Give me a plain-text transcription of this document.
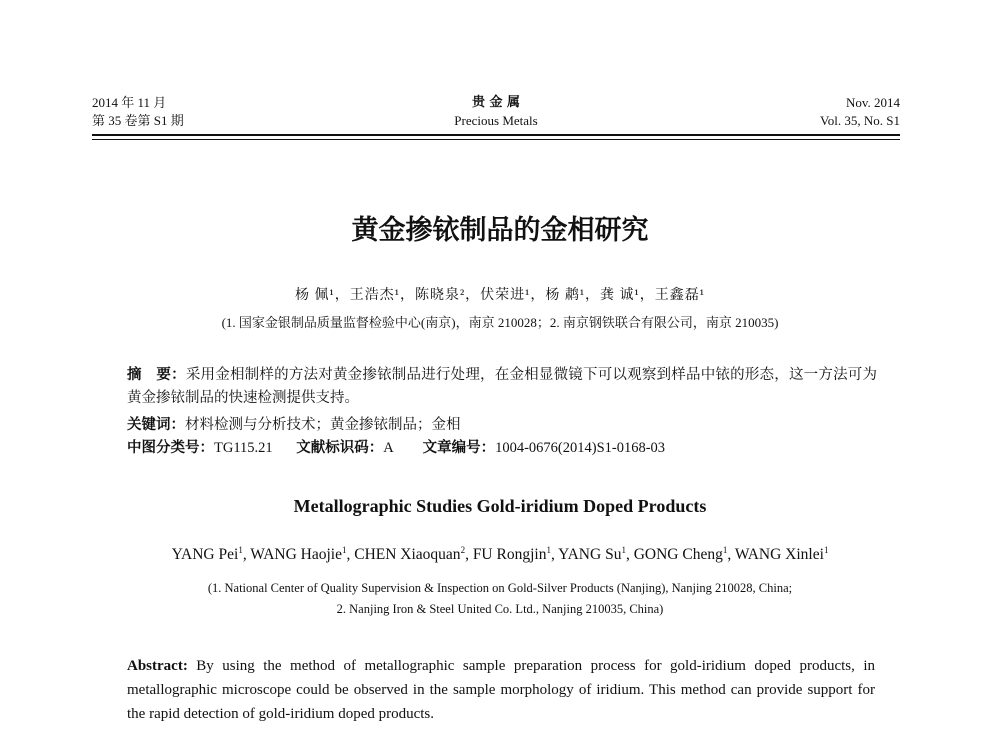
2014 年 11 月
第 35 卷第 S1 期
贵 金 属
Precious Metals
Nov. 2014
Vol. 35, No. S1
黄金掺铱制品的金相研究
杨 佩¹，王浩杰¹，陈晓泉²，伏荣进¹，杨 鹔¹，龚 诚¹，王鑫磊¹
(1. 国家金银制品质量监督检验中心(南京)，南京 210028；2. 南京钢铁联合有限公司，南京 210035)
摘　要：采用金相制样的方法对黄金掺铱制品进行处理，在金相显微镜下可以观察到样品中铱的形态，这一方法可为黄金掺铱制品的快速检测提供支持。
关键词：材料检测与分析技术；黄金掺铱制品；金相
中图分类号：TG115.21 文献标识码：A 文章编号：1004-0676(2014)S1-0168-03
Metallographic Studies Gold-iridium Doped Products
YANG Pei$^1$, WANG Haojie$^1$, CHEN Xiaoquan$^2$, FU Rongjin$^1$, YANG Su$^1$, GONG Cheng$^1$, WANG Xinlei$^1$
(1. National Center of Quality Supervision & Inspection on Gold-Silver Products (Nanjing), Nanjing 210028, China;
2. Nanjing Iron & Steel United Co. Ltd., Nanjing 210035, China)
Abstract: By using the method of metallographic sample preparation process for gold-iridium doped products, in metallographic microscope could be observed in the sample morphology of iridium. This method can provide support for the rapid detection of gold-iridium doped products.
